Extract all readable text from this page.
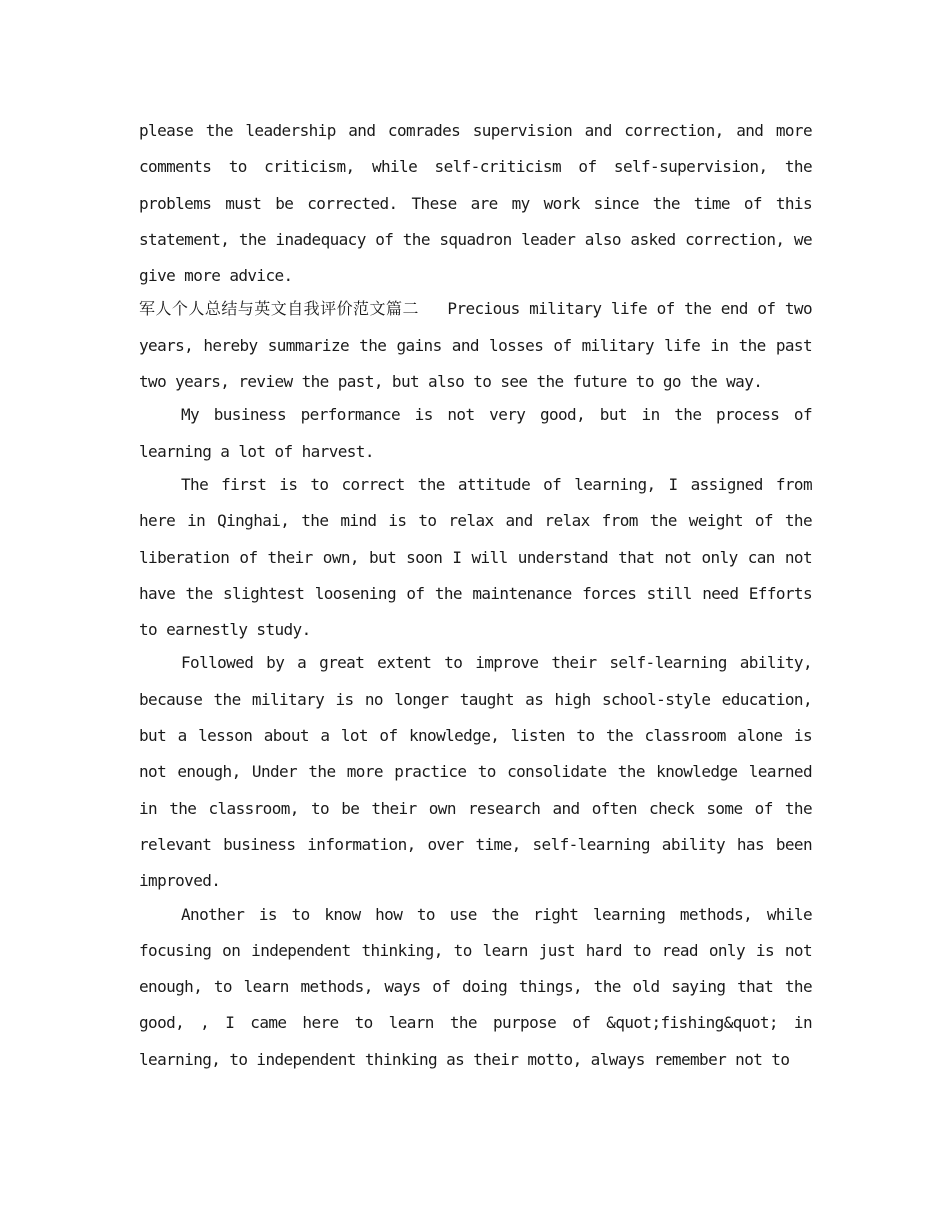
please the leadership and comrades supervision and correction, and more comments to criticism, while self-criticism of self-supervision, the problems must be corrected. These are my work since the time of this statement, the inadequacy of the squadron leader also asked correction, we give more advice.

军人个人总结与英文自我评价范文篇二   Precious military life of the end of two years, hereby summarize the gains and losses of military life in the past two years, review the past, but also to see the future to go the way.

My business performance is not very good, but in the process of learning a lot of harvest.

The first is to correct the attitude of learning, I assigned from here in Qinghai, the mind is to relax and relax from the weight of the liberation of their own, but soon I will understand that not only can not have the slightest loosening of the maintenance forces still need Efforts to earnestly study.

Followed by a great extent to improve their self-learning ability, because the military is no longer taught as high school-style education, but a lesson about a lot of knowledge, listen to the classroom alone is not enough, Under the more practice to consolidate the knowledge learned in the classroom, to be their own research and often check some of the relevant business information, over time, self-learning ability has been improved.

Another is to know how to use the right learning methods, while focusing on independent thinking, to learn just hard to read only is not enough, to learn methods, ways of doing things, the old saying that the good, , I came here to learn the purpose of &quot;fishing&quot; in learning, to independent thinking as their motto, always remember not to
